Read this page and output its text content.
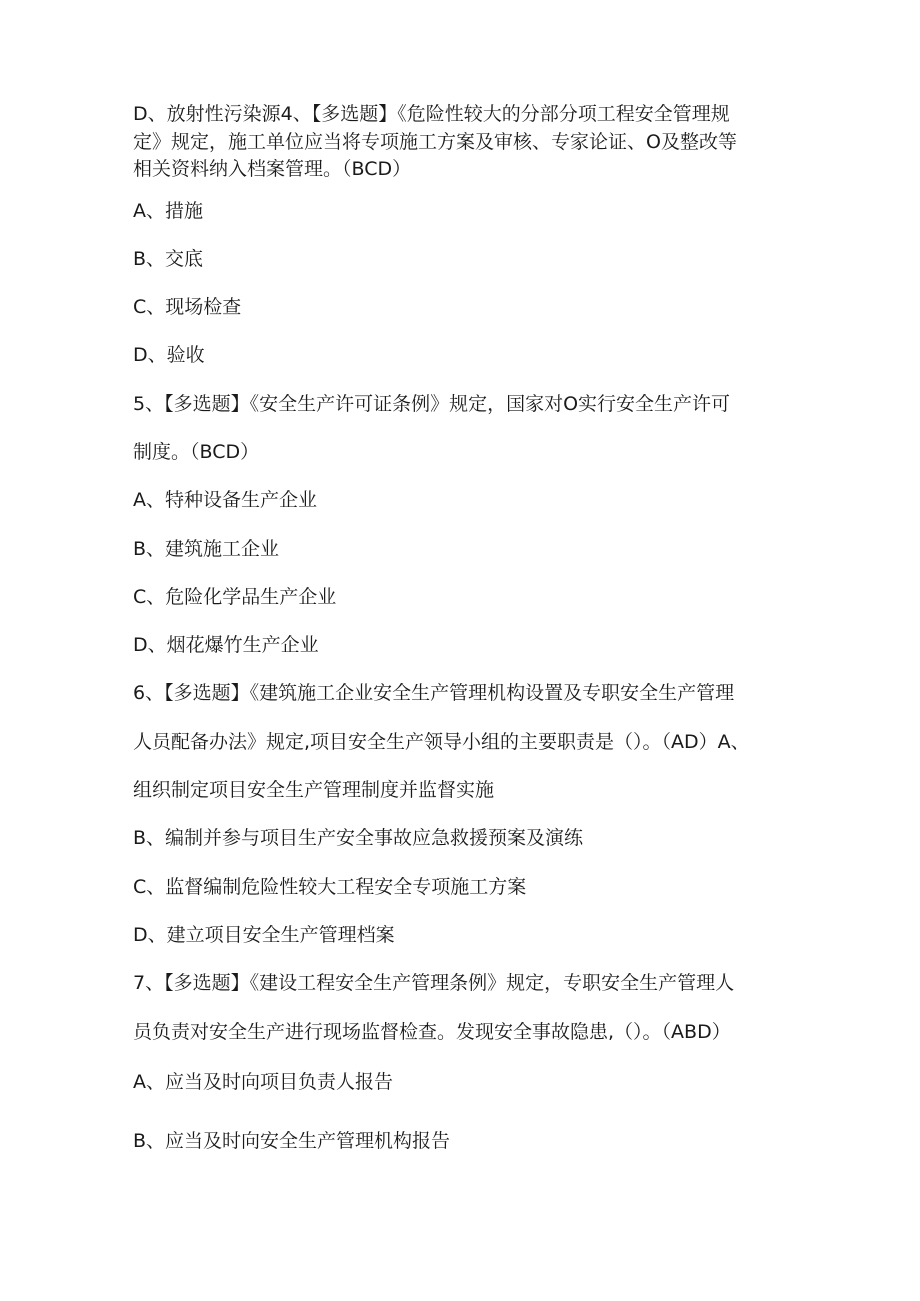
D、放射性污染源4、【多选题】《危险性较大的分部分项工程安全管理规
定》规定，施工单位应当将专项施工方案及审核、专家论证、O及整改等
相关资料纳入档案管理。（BCD）
A、措施
B、交底
C、现场检查
D、验收
5、【多选题】《安全生产许可证条例》规定，国家对O实行安全生产许可
制度。（BCD）
A、特种设备生产企业
B、建筑施工企业
C、危险化学品生产企业
D、烟花爆竹生产企业
6、【多选题】《建筑施工企业安全生产管理机构设置及专职安全生产管理
人员配备办法》规定,项目安全生产领导小组的主要职责是（）。（AD）A、
组织制定项目安全生产管理制度并监督实施
B、编制并参与项目生产安全事故应急救援预案及演练
C、监督编制危险性较大工程安全专项施工方案
D、建立项目安全生产管理档案
7、【多选题】《建设工程安全生产管理条例》规定，专职安全生产管理人
员负责对安全生产进行现场监督检查。发现安全事故隐患,（）。（ABD）
A、应当及时向项目负责人报告
B、应当及时向安全生产管理机构报告
